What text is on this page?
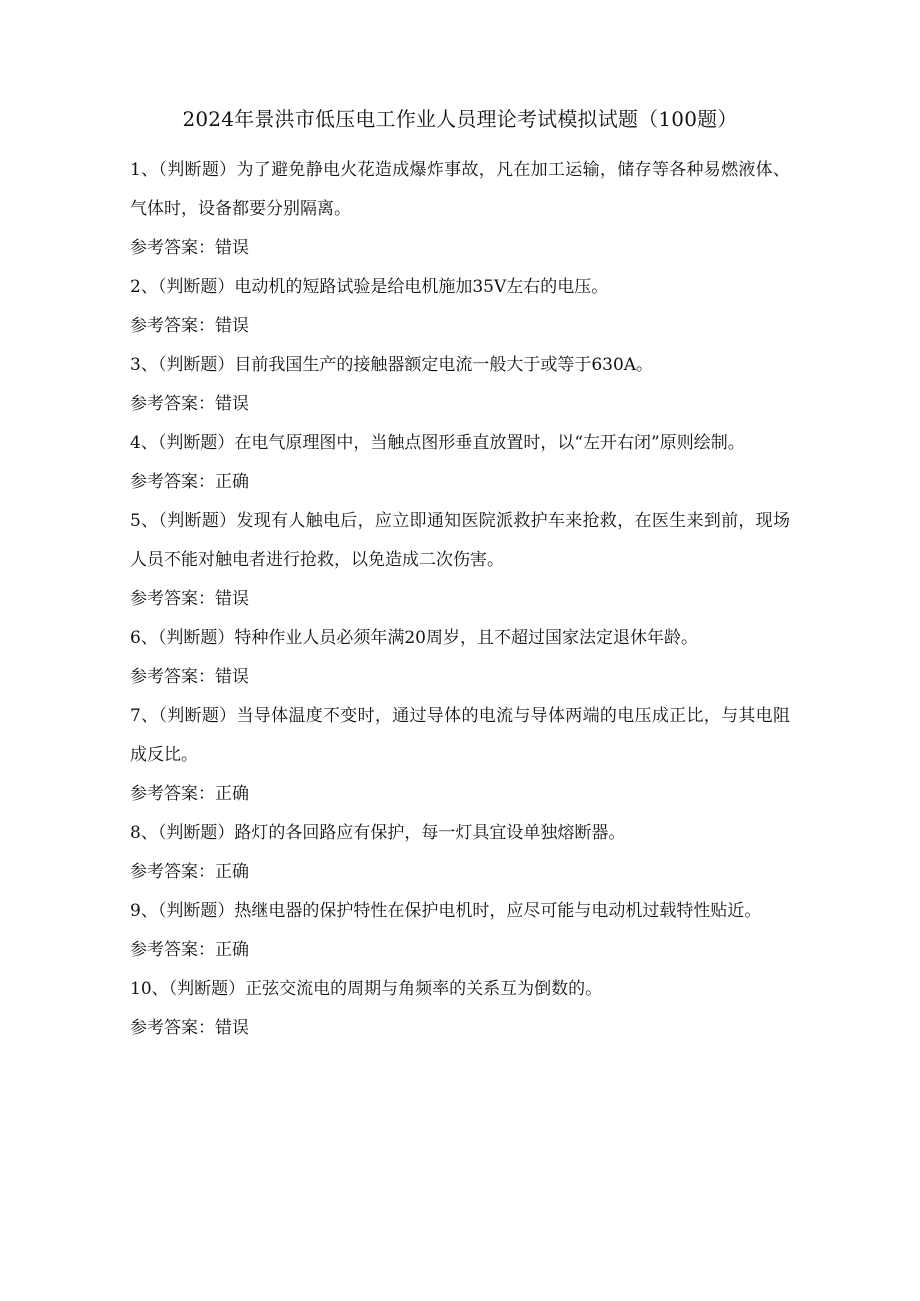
2024年景洪市低压电工作业人员理论考试模拟试题（100题）

1、（判断题）为了避免静电火花造成爆炸事故，凡在加工运输，储存等各种易燃液体、气体时，设备都要分别隔离。

参考答案：错误

2、（判断题）电动机的短路试验是给电机施加35V左右的电压。

参考答案：错误

3、（判断题）目前我国生产的接触器额定电流一般大于或等于630A。

参考答案：错误

4、（判断题）在电气原理图中，当触点图形垂直放置时，以“左开右闭”原则绘制。

参考答案：正确

5、（判断题）发现有人触电后，应立即通知医院派救护车来抢救，在医生来到前，现场人员不能对触电者进行抢救，以免造成二次伤害。

参考答案：错误

6、（判断题）特种作业人员必须年满20周岁，且不超过国家法定退休年龄。

参考答案：错误

7、（判断题）当导体温度不变时，通过导体的电流与导体两端的电压成正比，与其电阻成反比。

参考答案：正确

8、（判断题）路灯的各回路应有保护，每一灯具宜设单独熔断器。

参考答案：正确

9、（判断题）热继电器的保护特性在保护电机时，应尽可能与电动机过载特性贴近。

参考答案：正确

10、（判断题）正弦交流电的周期与角频率的关系互为倒数的。

参考答案：错误
